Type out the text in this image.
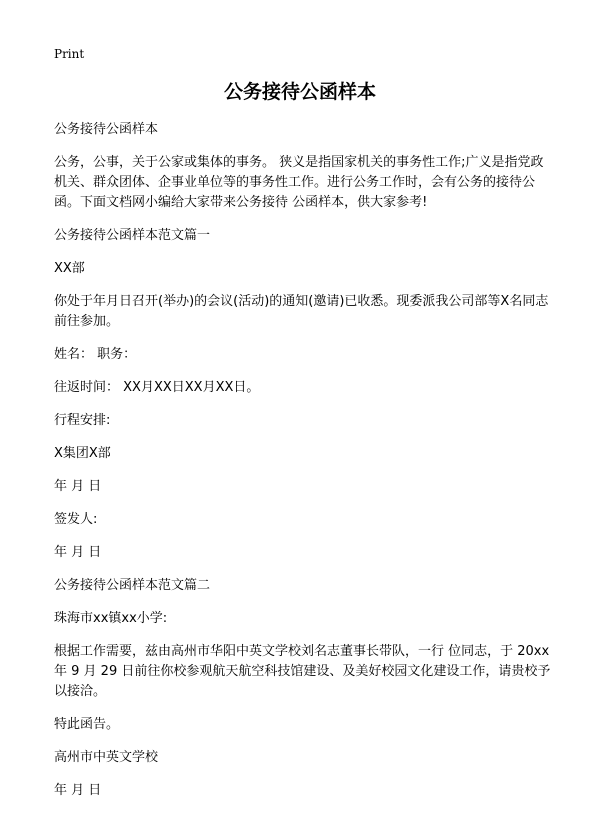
Print
公务接待公函样本

公务接待公函样本

公务，公事，关于公家或集体的事务。 狭义是指国家机关的事务性工作;广义是指党政机关、群众团体、企事业单位等的事务性工作。进行公务工作时，会有公务的接待公函。下面文档网小编给大家带来公务接待 公函样本，供大家参考!

公务接待公函样本范文篇一

XX部

你处于年月日召开(举办)的会议(活动)的通知(邀请)已收悉。现委派我公司部等X名同志前往参加。

姓名： 职务：

往返时间： XX月XX日XX月XX日。

行程安排:

X集团X部

年 月 日

签发人:

年 月 日

公务接待公函样本范文篇二

珠海市xx镇xx小学:

根据工作需要，兹由高州市华阳中英文学校刘名志董事长带队，一行 位同志，于 20xx 年 9 月 29 日前往你校参观航天航空科技馆建设、及美好校园文化建设工作，请贵校予以接洽。

特此函告。

高州市中英文学校

年 月 日
